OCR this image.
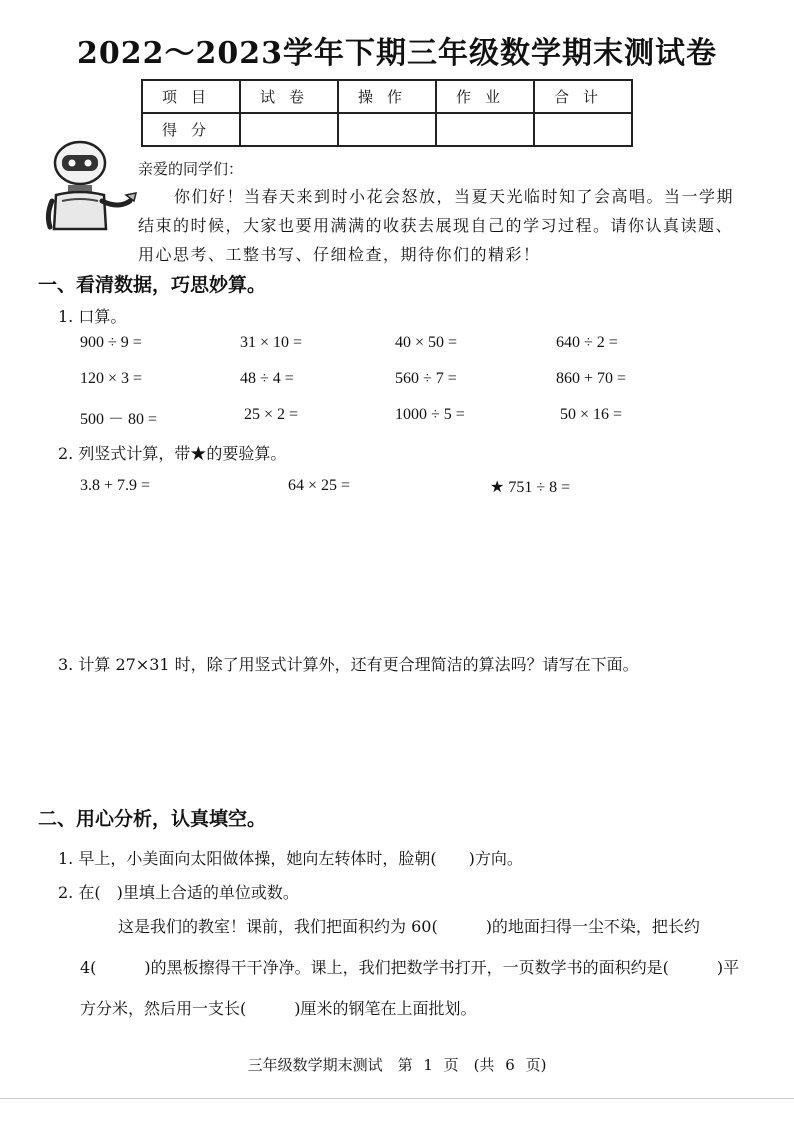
2022～2023学年下期三年级数学期末测试卷
项目	试卷	操作	作业	合计
得分				
亲爱的同学们：
你们好！当春天来到时小花会怒放，当夏天光临时知了会高唱。当一学期结束的时候，大家也要用满满的收获去展现自己的学习过程。请你认真读题、用心思考、工整书写、仔细检查，期待你们的精彩！
一、看清数据，巧思妙算。
1. 口算。
900 ÷ 9 =	31 × 10 =	40 × 50 =	640 ÷ 2 =
120 × 3 =	48 ÷ 4 =	560 ÷ 7 =	860 + 70 =
500 － 80 =	25 × 2 =	1000 ÷ 5 =	50 × 16 =
2. 列竖式计算，带★的要验算。
3.8 + 7.9 =	64 × 25 =	★ 751 ÷ 8 =
3. 计算 27×31 时，除了用竖式计算外，还有更合理简洁的算法吗？请写在下面。
二、用心分析，认真填空。
1. 早上，小美面向太阳做体操，她向左转体时，脸朝(　　)方向。
2. 在(　)里填上合适的单位或数。
这是我们的教室！课前，我们把面积约为 60(　　　)的地面扫得一尘不染，把长约 4(　　　)的黑板擦得干干净净。课上，我们把数学书打开，一页数学书的面积约是(　　　)平方分米，然后用一支长(　　　)厘米的钢笔在上面批划。
三年级数学期末测试　第 1 页　(共 6 页)
